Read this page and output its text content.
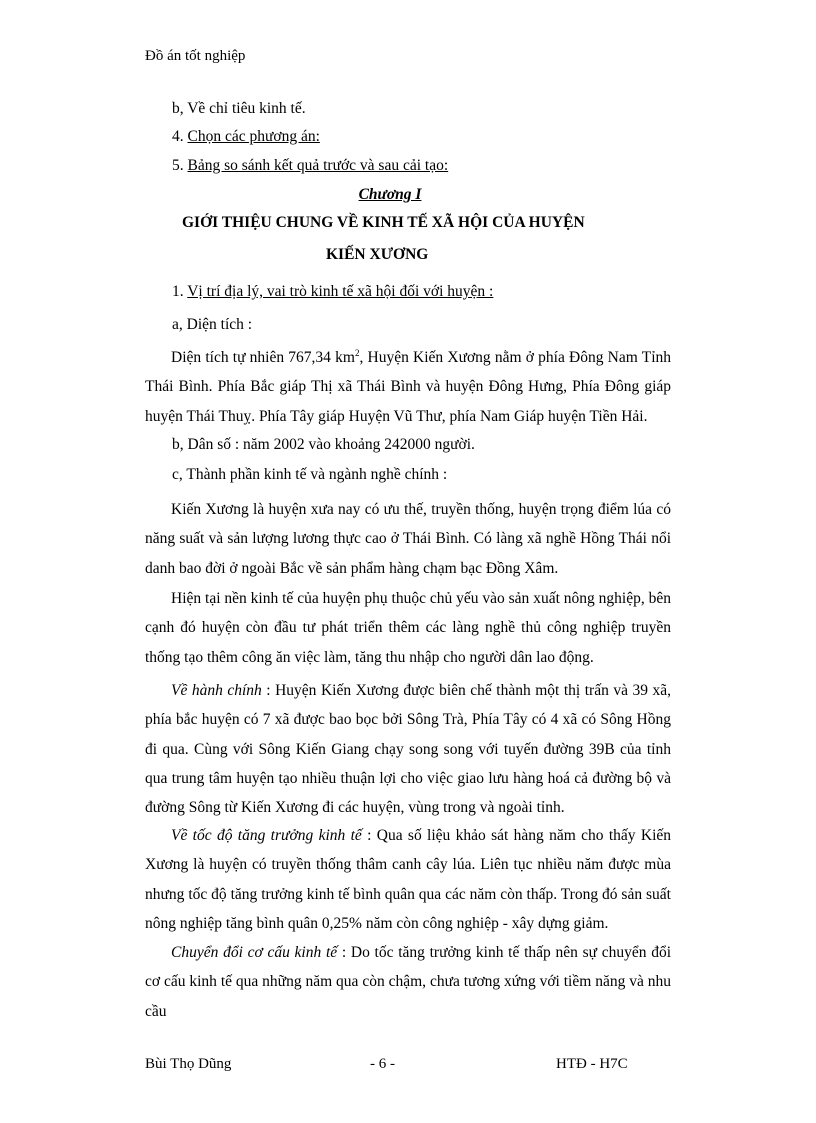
Đồ án tốt nghiệp
b, Về chỉ tiêu kinh tế.
4. Chọn các phương án:
5. Bảng so sánh kết quả trước và sau cải tạo:
Chương I
GIỚI THIỆU CHUNG VỀ KINH TẾ XÃ HỘI CỦA HUYỆN
KIẾN XƯƠNG
1. Vị trí địa lý, vai trò kinh tế xã hội đối với huyện :
a, Diện tích :
Diện tích tự nhiên 767,34 $km^2$, Huyện Kiến Xương nằm ở phía Đông Nam Tỉnh Thái Bình. Phía Bắc giáp Thị xã Thái Bình và huyện Đông Hưng, Phía Đông giáp huyện Thái Thuỵ. Phía Tây giáp Huyện Vũ Thư, phía Nam Giáp huyện Tiền Hải.
b, Dân số : năm 2002 vào khoảng 242000 người.
c, Thành phần kinh tế và ngành nghề chính :
Kiến Xương là huyện xưa nay có ưu thế, truyền thống, huyện trọng điểm lúa có năng suất và sản lượng lương thực cao ở Thái Bình. Có làng xã nghề Hồng Thái nổi danh bao đời ở ngoài Bắc về sản phẩm hàng chạm bạc Đồng Xâm.
Hiện tại nền kinh tế của huyện phụ thuộc chủ yếu vào sản xuất nông nghiệp, bên cạnh đó huyện còn đầu tư phát triển thêm các làng nghề thủ công nghiệp truyền thống tạo thêm công ăn việc làm, tăng thu nhập cho người dân lao động.
Về hành chính : Huyện Kiến Xương được biên chế thành một thị trấn và 39 xã, phía bắc huyện có 7 xã được bao bọc bởi Sông Trà, Phía Tây có 4 xã có Sông Hồng đi qua. Cùng với Sông Kiến Giang chạy song song với tuyến đường 39B của tỉnh qua trung tâm huyện tạo nhiều thuận lợi cho việc giao lưu hàng hoá cả đường bộ và đường Sông từ Kiến Xương đi các huyện, vùng trong và ngoài tỉnh.
Về tốc độ tăng trưởng kinh tế : Qua số liệu khảo sát hàng năm cho thấy Kiến Xương là huyện có truyền thống thâm canh cây lúa. Liên tục nhiều năm được mùa nhưng tốc độ tăng trưởng kinh tế bình quân qua các năm còn thấp. Trong đó sản suất nông nghiệp tăng bình quân 0,25% năm còn công nghiệp - xây dựng giảm.
Chuyển đổi cơ cấu kinh tế : Do tốc tăng trưởng kinh tế thấp nên sự chuyển đổi cơ cấu kinh tế qua những năm qua còn chậm, chưa tương xứng với tiềm năng và nhu cầu
Bùi Thọ Dũng	- 6 -	HTĐ - H7C
